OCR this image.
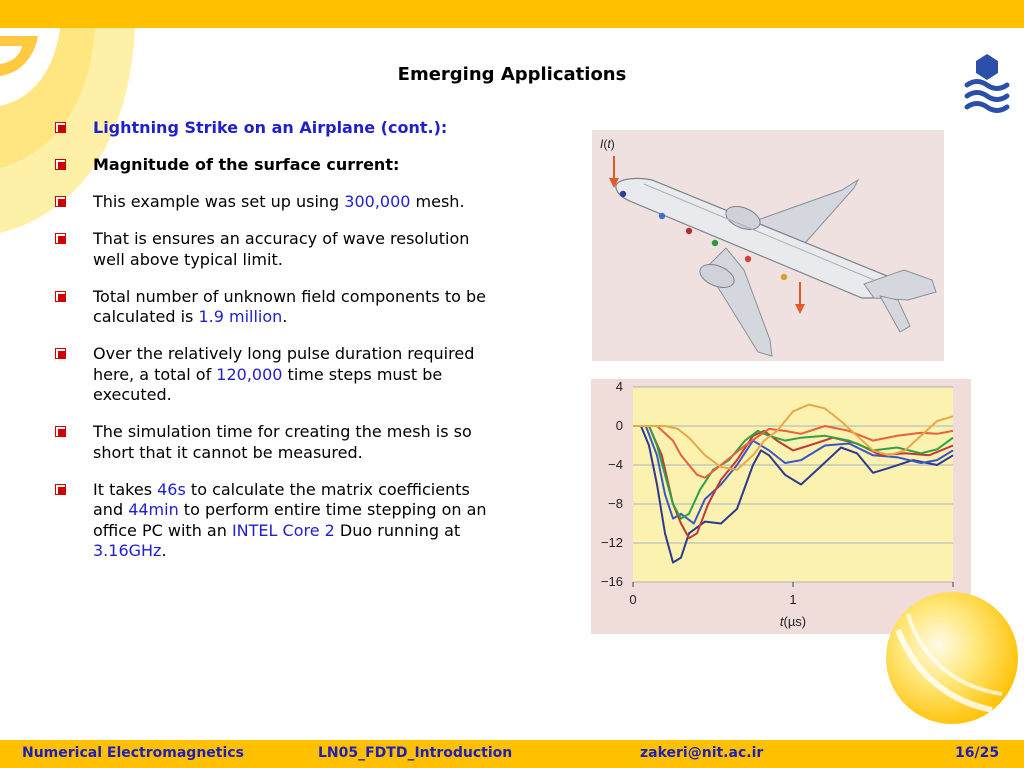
Emerging Applications
Lightning Strike on an Airplane (cont.):
Magnitude of the surface current:
This example was set up using 300,000 mesh.
That is ensures an accuracy of wave resolution well above typical limit.
Total number of unknown field components to be calculated is 1.9 million.
Over the relatively long pulse duration required here, a total of 120,000 time steps must be executed.
The simulation time for creating the mesh is so short that it cannot be measured.
It takes 46s to calculate the matrix coefficients and 44min to perform entire time stepping on an office PC with an INTEL Core 2 Duo running at 3.16GHz.
I(t)
4
0
−4
−8
−12
−16
0	1
t(µs)
Numerical Electromagnetics	LN05_FDTD_Introduction	zakeri@nit.ac.ir	16/25
